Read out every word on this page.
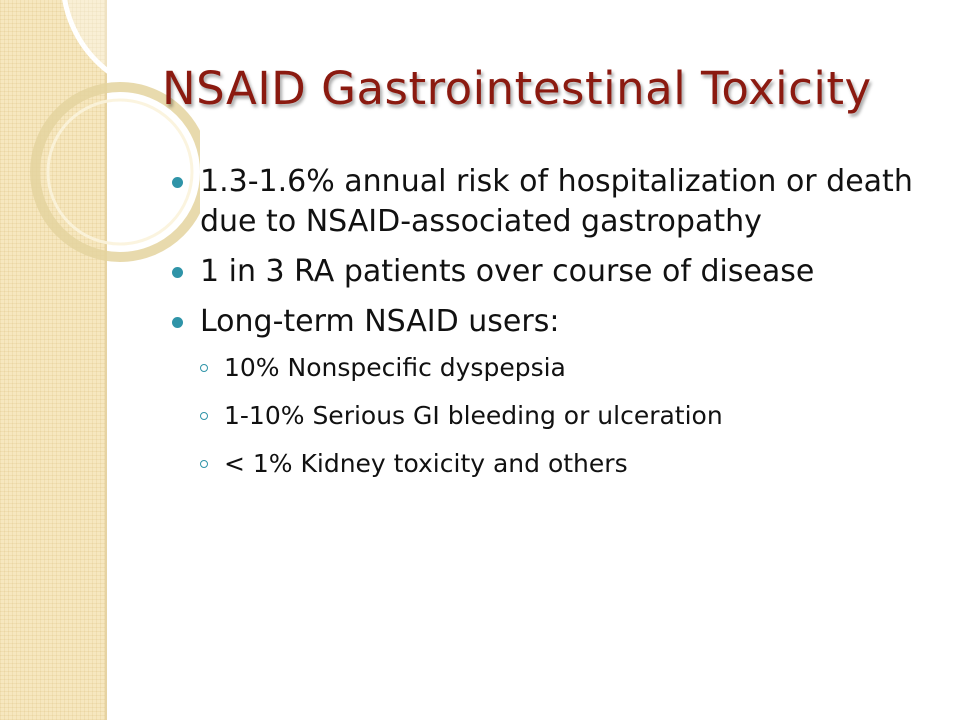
NSAID Gastrointestinal Toxicity
1.3-1.6% annual risk of hospitalization or death due to NSAID-associated gastropathy
1 in 3 RA patients over course of disease
Long-term NSAID users:
10% Nonspecific dyspepsia
1-10% Serious GI bleeding or ulceration
< 1% Kidney toxicity and others
